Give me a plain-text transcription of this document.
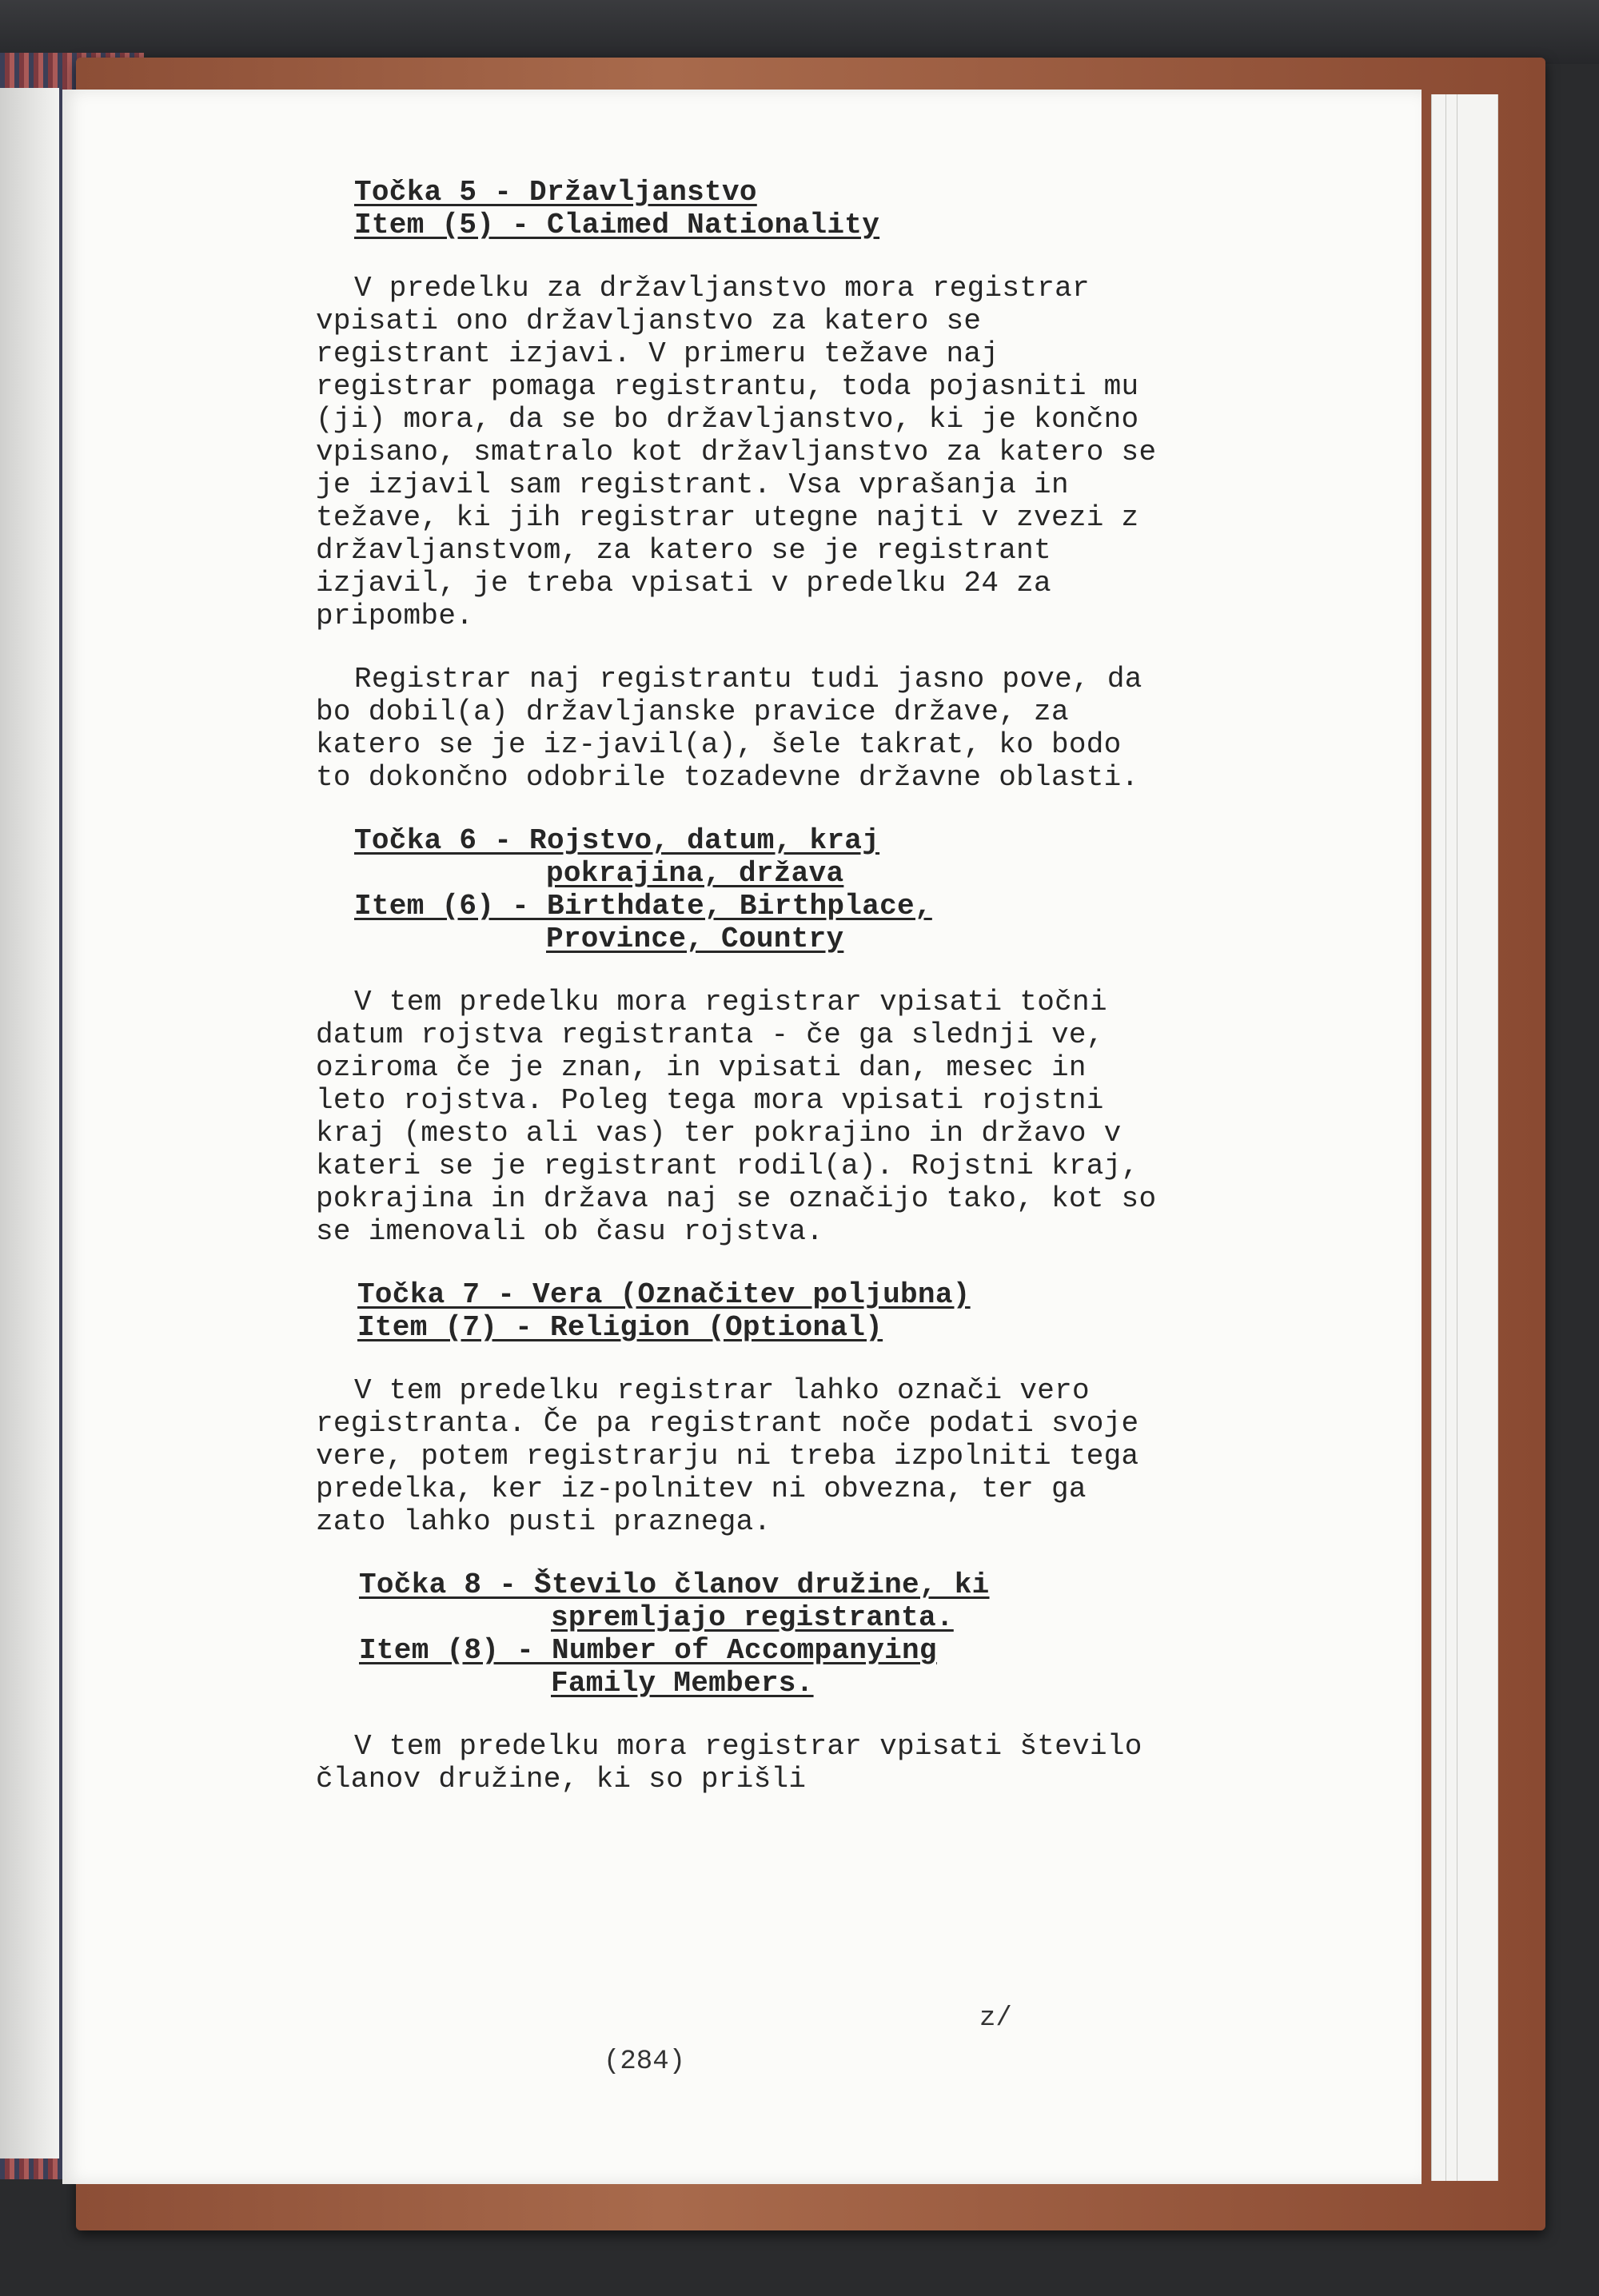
Točka 5 - Državljanstvo
Item (5) - Claimed Nationality

V predelku za državljanstvo mora registrar vpisati ono državljanstvo za katero se registrant izjavi. V primeru težave naj registrar pomaga registrantu, toda pojasniti mu (ji) mora, da se bo državljanstvo, ki je končno vpisano, smatralo kot državljanstvo za katero se je izjavil sam registrant. Vsa vprašanja in težave, ki jih registrar utegne najti v zvezi z državljanstvom, za katero se je registrant izjavil, je treba vpisati v predelku 24 za pripombe.

Registrar naj registrantu tudi jasno pove, da bo dobil(a) državljanske pravice države, za katero se je iz-javil(a), šele takrat, ko bodo to dokončno odobrile tozadevne državne oblasti.

Točka 6 - Rojstvo, datum, kraj
pokrajina, država
Item (6) - Birthdate, Birthplace,
Province, Country

V tem predelku mora registrar vpisati točni datum rojstva registranta - če ga slednji ve, oziroma če je znan, in vpisati dan, mesec in leto rojstva. Poleg tega mora vpisati rojstni kraj (mesto ali vas) ter pokrajino in državo v kateri se je registrant rodil(a). Rojstni kraj, pokrajina in država naj se označijo tako, kot so se imenovali ob času rojstva.

Točka 7 - Vera (Označitev poljubna)
Item (7) - Religion (Optional)

V tem predelku registrar lahko označi vero registranta. Če pa registrant noče podati svoje vere, potem registrarju ni treba izpolniti tega predelka, ker iz-polnitev ni obvezna, ter ga zato lahko pusti praznega.

Točka 8 - Število članov družine, ki
spremljajo registranta.
Item (8) - Number of Accompanying
Family Members.

V tem predelku mora registrar vpisati število članov družine, ki so prišli

z/
(284)
